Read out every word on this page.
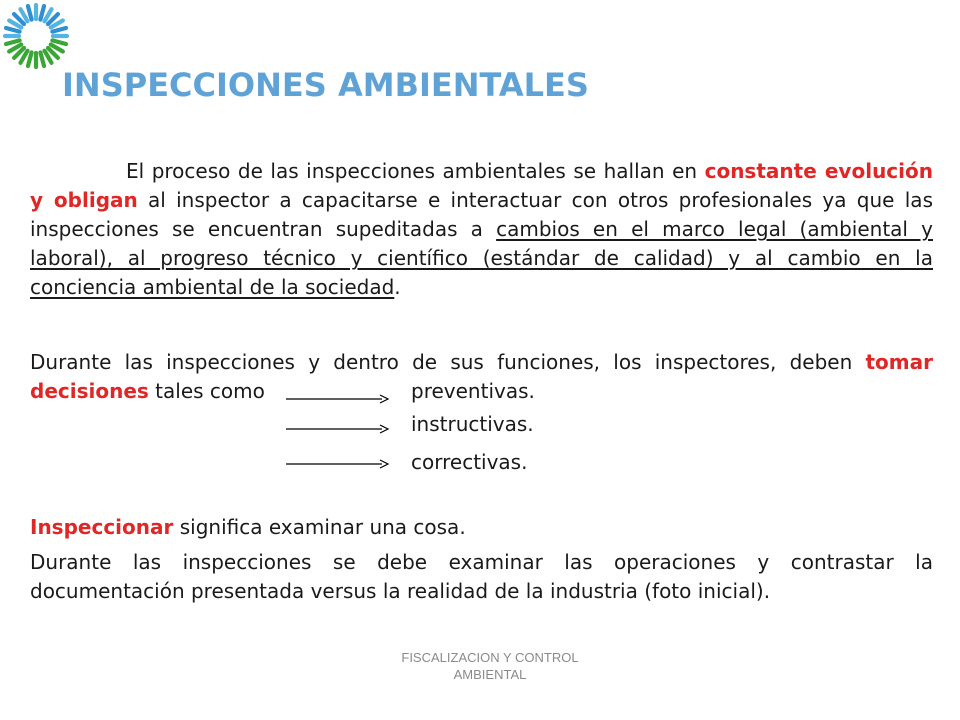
INSPECCIONES AMBIENTALES
El proceso de las inspecciones ambientales se hallan en constante evolución y obligan al inspector a capacitarse e interactuar con otros profesionales ya que las inspecciones se encuentran supeditadas a cambios en el marco legal (ambiental y laboral), al progreso técnico y científico (estándar de calidad) y al cambio en la conciencia ambiental de la sociedad.
Durante las inspecciones y dentro de sus funciones, los inspectores, deben tomar decisiones tales como	preventivas.
instructivas.
correctivas.
Inspeccionar significa examinar una cosa.
Durante las inspecciones se debe examinar las operaciones y contrastar la documentación presentada versus la realidad de la industria (foto inicial).
FISCALIZACION Y CONTROL
AMBIENTAL
